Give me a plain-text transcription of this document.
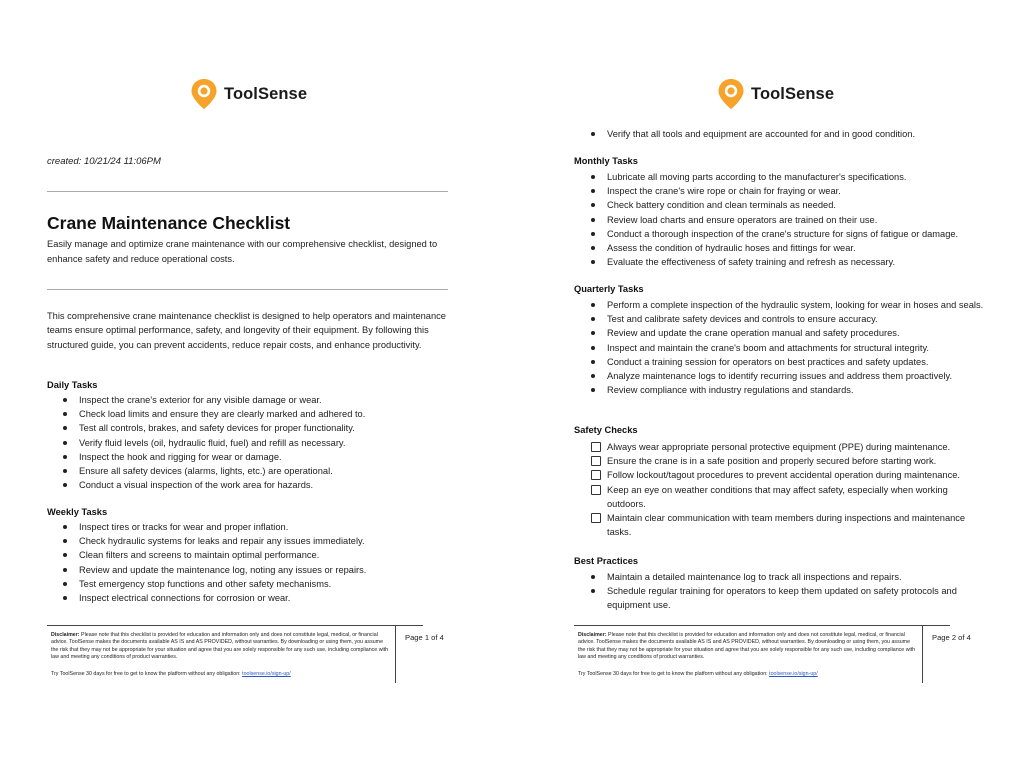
ToolSense
created: 10/21/24 11:06PM
Crane Maintenance Checklist
Easily manage and optimize crane maintenance with our comprehensive checklist, designed to enhance safety and reduce operational costs.
This comprehensive crane maintenance checklist is designed to help operators and maintenance teams ensure optimal performance, safety, and longevity of their equipment. By following this structured guide, you can prevent accidents, reduce repair costs, and enhance productivity.
Daily Tasks
Inspect the crane's exterior for any visible damage or wear.
Check load limits and ensure they are clearly marked and adhered to.
Test all controls, brakes, and safety devices for proper functionality.
Verify fluid levels (oil, hydraulic fluid, fuel) and refill as necessary.
Inspect the hook and rigging for wear or damage.
Ensure all safety devices (alarms, lights, etc.) are operational.
Conduct a visual inspection of the work area for hazards.
Weekly Tasks
Inspect tires or tracks for wear and proper inflation.
Check hydraulic systems for leaks and repair any issues immediately.
Clean filters and screens to maintain optimal performance.
Review and update the maintenance log, noting any issues or repairs.
Test emergency stop functions and other safety mechanisms.
Inspect electrical connections for corrosion or wear.
Disclaimer: Please note that this checklist is provided for education and information only and does not constitute legal, medical, or financial advice. ToolSense makes the documents available AS IS and AS PROVIDED, without warranties. By downloading or using them, you assume the risk that they may not be appropriate for your situation and agree that you are solely responsible for any such use, including compliance with law and meeting any conditions of product warranties.
Try ToolSense 30 days for free to get to know the platform without any obligation: toolsense.io/sign-up/
Page 1 of 4
ToolSense
Verify that all tools and equipment are accounted for and in good condition.
Monthly Tasks
Lubricate all moving parts according to the manufacturer's specifications.
Inspect the crane's wire rope or chain for fraying or wear.
Check battery condition and clean terminals as needed.
Review load charts and ensure operators are trained on their use.
Conduct a thorough inspection of the crane's structure for signs of fatigue or damage.
Assess the condition of hydraulic hoses and fittings for wear.
Evaluate the effectiveness of safety training and refresh as necessary.
Quarterly Tasks
Perform a complete inspection of the hydraulic system, looking for wear in hoses and seals.
Test and calibrate safety devices and controls to ensure accuracy.
Review and update the crane operation manual and safety procedures.
Inspect and maintain the crane's boom and attachments for structural integrity.
Conduct a training session for operators on best practices and safety updates.
Analyze maintenance logs to identify recurring issues and address them proactively.
Review compliance with industry regulations and standards.
Safety Checks
Always wear appropriate personal protective equipment (PPE) during maintenance.
Ensure the crane is in a safe position and properly secured before starting work.
Follow lockout/tagout procedures to prevent accidental operation during maintenance.
Keep an eye on weather conditions that may affect safety, especially when working outdoors.
Maintain clear communication with team members during inspections and maintenance tasks.
Best Practices
Maintain a detailed maintenance log to track all inspections and repairs.
Schedule regular training for operators to keep them updated on safety protocols and equipment use.
Disclaimer: Please note that this checklist is provided for education and information only and does not constitute legal, medical, or financial advice. ToolSense makes the documents available AS IS and AS PROVIDED, without warranties. By downloading or using them, you assume the risk that they may not be appropriate for your situation and agree that you are solely responsible for any such use, including compliance with law and meeting any conditions of product warranties.
Try ToolSense 30 days for free to get to know the platform without any obligation: toolsense.io/sign-up/
Page 2 of 4
